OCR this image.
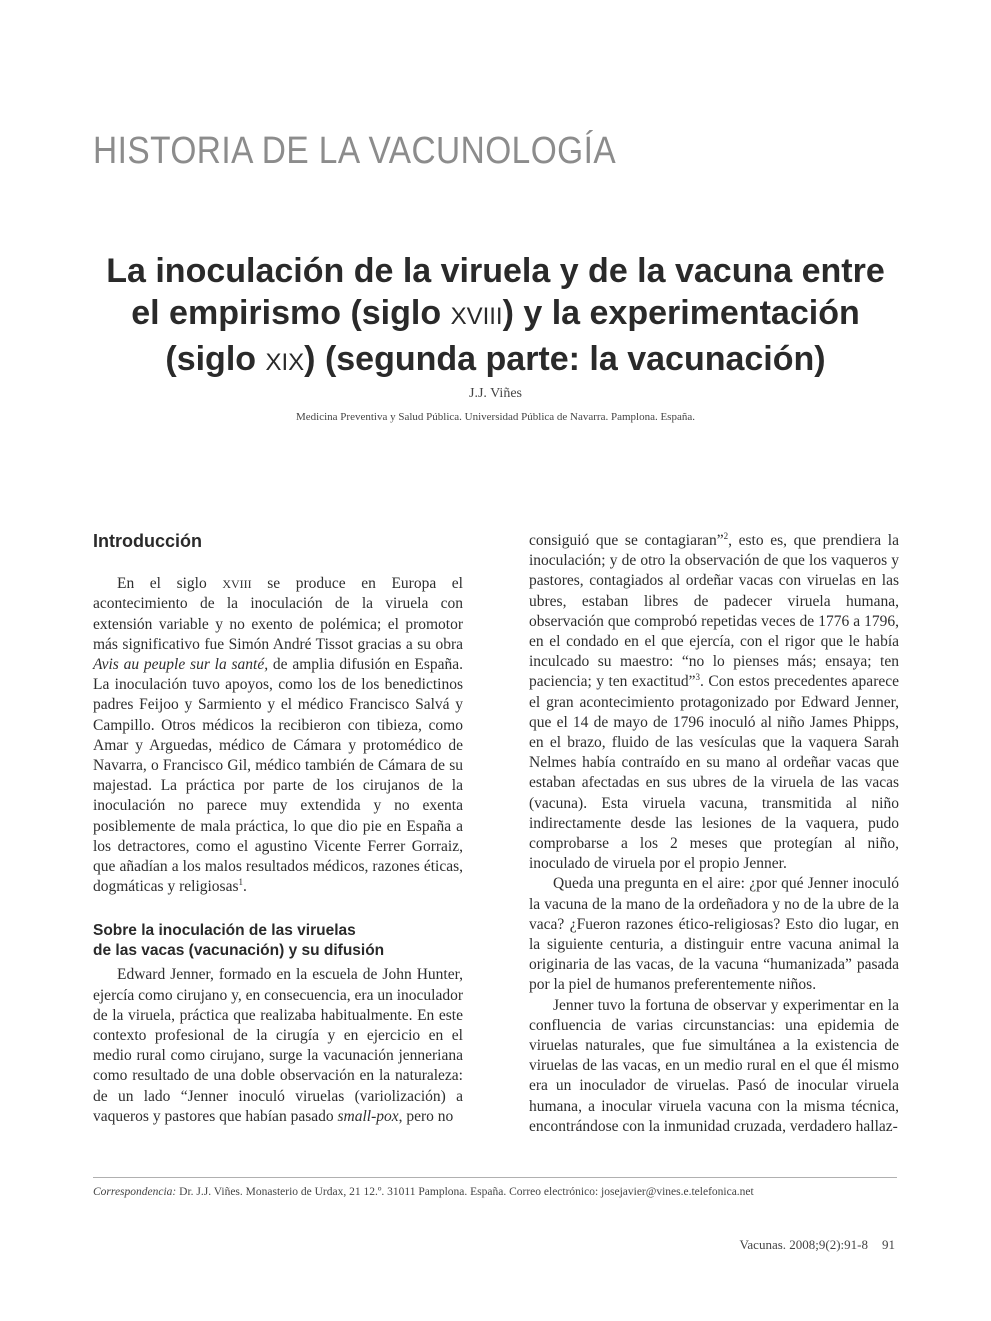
HISTORIA DE LA VACUNOLOGÍA
La inoculación de la viruela y de la vacuna entre
el empirismo (siglo XVIII) y la experimentación
(siglo XIX) (segunda parte: la vacunación)
J.J. Viñes
Medicina Preventiva y Salud Pública. Universidad Pública de Navarra. Pamplona. España.
Introducción

En el siglo XVIII se produce en Europa el acontecimiento de la inoculación de la viruela con extensión variable y no exento de polémica; el promotor más significativo fue Simón André Tissot gracias a su obra Avis au peuple sur la santé, de amplia difusión en España. La inoculación tuvo apoyos, como los de los benedictinos padres Feijoo y Sarmiento y el médico Francisco Salvá y Campillo. Otros médicos la recibieron con tibieza, como Amar y Arguedas, médico de Cámara y protomédico de Navarra, o Francisco Gil, médico también de Cámara de su majestad. La práctica por parte de los cirujanos de la inoculación no parece muy extendida y no exenta posiblemente de mala práctica, lo que dio pie en España a los detractores, como el agustino Vicente Ferrer Gorraiz, que añadían a los malos resultados médicos, razones éticas, dogmáticas y religiosas$^1$.

Sobre la inoculación de las viruelas
de las vacas (vacunación) y su difusión

Edward Jenner, formado en la escuela de John Hunter, ejercía como cirujano y, en consecuencia, era un inoculador de la viruela, práctica que realizaba habitualmente. En este contexto profesional de la cirugía y en ejercicio en el medio rural como cirujano, surge la vacunación jenneriana como resultado de una doble observación en la naturaleza: de un lado “Jenner inoculó viruelas (variolización) a vaqueros y pastores que habían pasado small-pox, pero no

consiguió que se contagiaran”$^2$, esto es, que prendiera la inoculación; y de otro la observación de que los vaqueros y pastores, contagiados al ordeñar vacas con viruelas en las ubres, estaban libres de padecer viruela humana, observación que comprobó repetidas veces de 1776 a 1796, en el condado en el que ejercía, con el rigor que le había inculcado su maestro: “no lo pienses más; ensaya; ten paciencia; y ten exactitud”$^3$. Con estos precedentes aparece el gran acontecimiento protagonizado por Edward Jenner, que el 14 de mayo de 1796 inoculó al niño James Phipps, en el brazo, fluido de las vesículas que la vaquera Sarah Nelmes había contraído en su mano al ordeñar vacas que estaban afectadas en sus ubres de la viruela de las vacas (vacuna). Esta viruela vacuna, transmitida al niño indirectamente desde las lesiones de la vaquera, pudo comprobarse a los 2 meses que protegían al niño, inoculado de viruela por el propio Jenner.

Queda una pregunta en el aire: ¿por qué Jenner inoculó la vacuna de la mano de la ordeñadora y no de la ubre de la vaca? ¿Fueron razones ético-religiosas? Esto dio lugar, en la siguiente centuria, a distinguir entre vacuna animal la originaria de las vacas, de la vacuna “humanizada” pasada por la piel de humanos preferentemente niños.

Jenner tuvo la fortuna de observar y experimentar en la confluencia de varias circunstancias: una epidemia de viruelas naturales, que fue simultánea a la existencia de viruelas de las vacas, en un medio rural en el que él mismo era un inoculador de viruelas. Pasó de inocular viruela humana, a inocular viruela vacuna con la misma técnica, encontrándose con la inmunidad cruzada, verdadero hallaz-

Correspondencia: Dr. J.J. Viñes. Monasterio de Urdax, 21 12.º. 31011 Pamplona. España. Correo electrónico: josejavier@vines.e.telefonica.net
Vacunas. 2008;9(2):91-8 91
